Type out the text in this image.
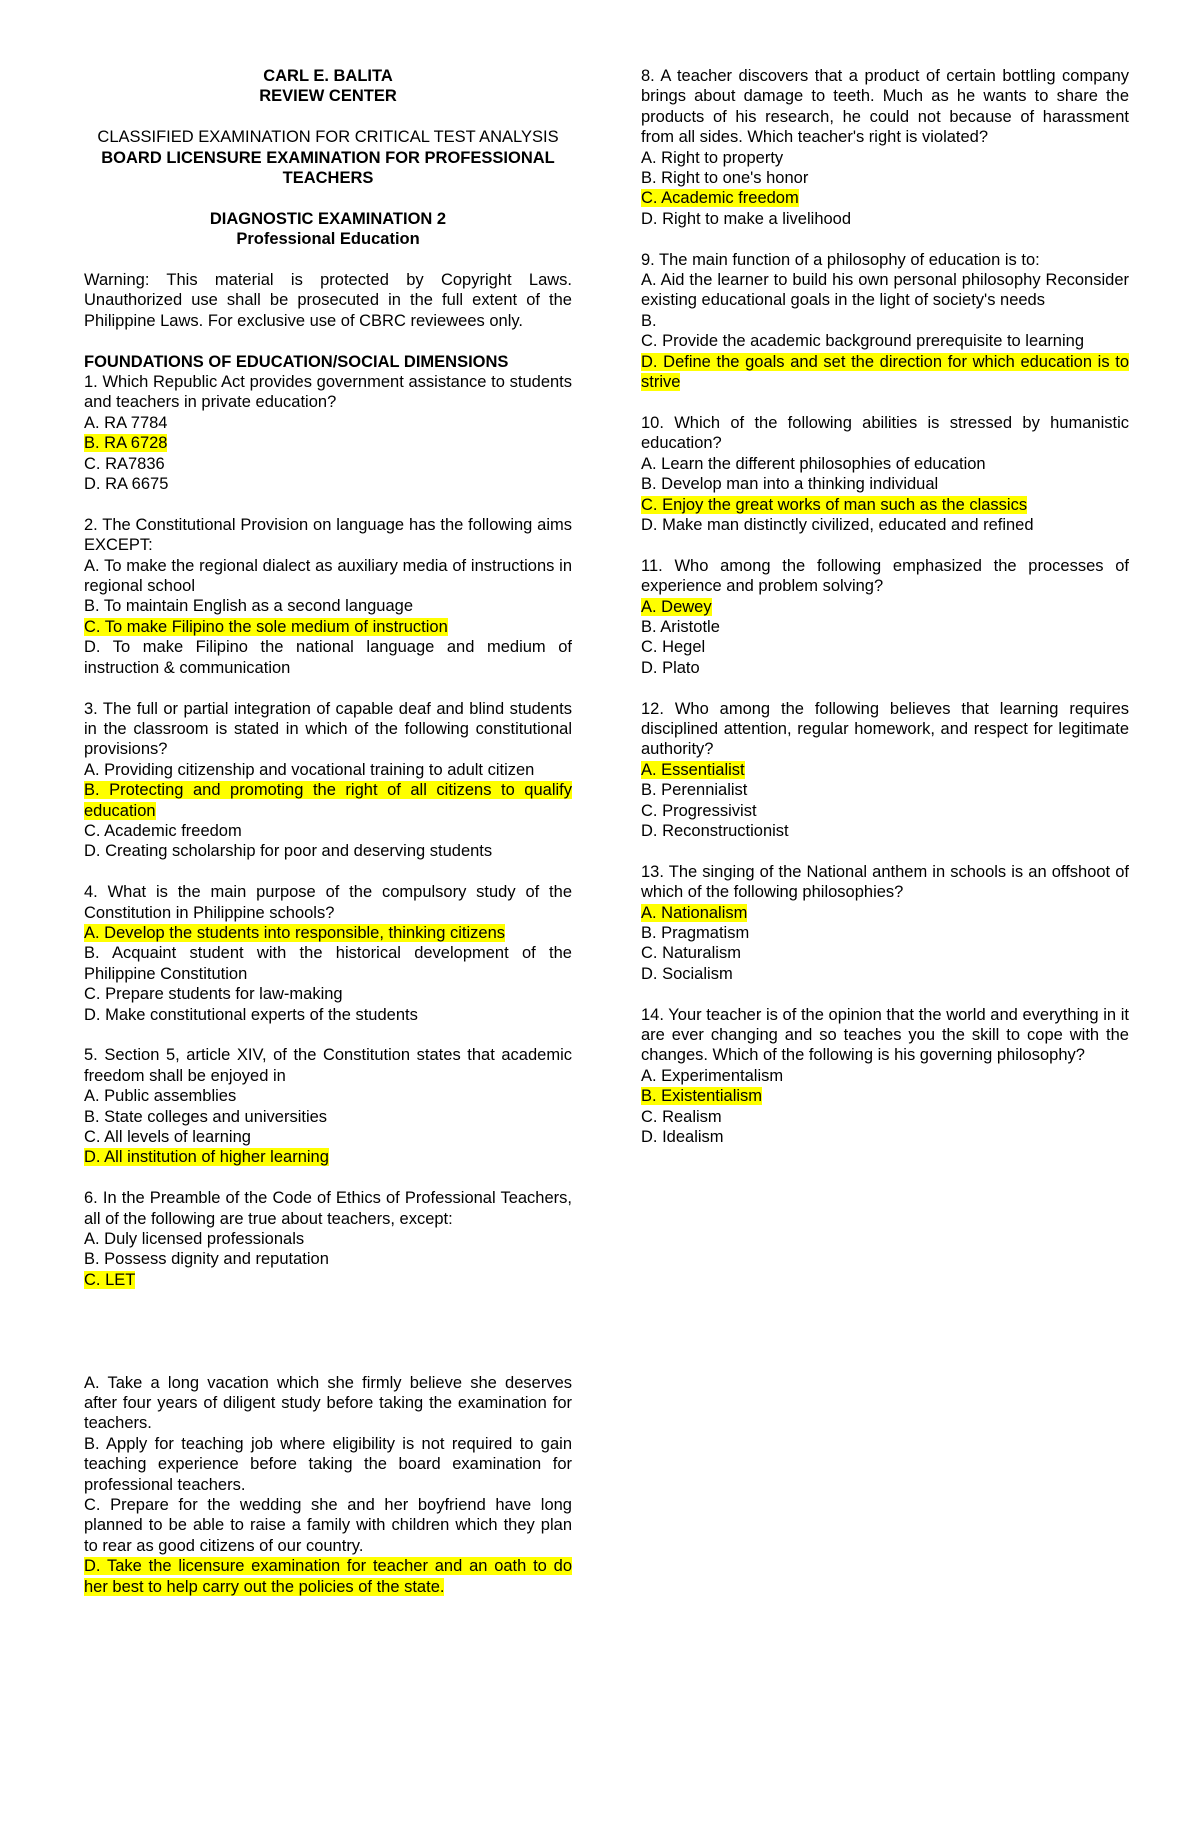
CARL E. BALITA
REVIEW CENTER
CLASSIFIED EXAMINATION FOR CRITICAL TEST ANALYSIS
BOARD LICENSURE EXAMINATION FOR PROFESSIONAL TEACHERS
DIAGNOSTIC EXAMINATION 2
Professional Education
Warning: This material is protected by Copyright Laws. Unauthorized use shall be prosecuted in the full extent of the Philippine Laws. For exclusive use of CBRC reviewees only.
FOUNDATIONS OF EDUCATION/SOCIAL DIMENSIONS

1. Which Republic Act provides government assistance to students and teachers in private education?

A. RA 7784

B. RA 6728

C. RA7836

D. RA 6675

2. The Constitutional Provision on language has the following aims EXCEPT:

A. To make the regional dialect as auxiliary media of instructions in regional school

B. To maintain English as a second language

C. To make Filipino the sole medium of instruction

D. To make Filipino the national language and medium of instruction & communication

3. The full or partial integration of capable deaf and blind students in the classroom is stated in which of the following constitutional provisions?

A. Providing citizenship and vocational training to adult citizen

B. Protecting and promoting the right of all citizens to qualify education

C. Academic freedom

D. Creating scholarship for poor and deserving students

4. What is the main purpose of the compulsory study of the Constitution in Philippine schools?

A. Develop the students into responsible, thinking citizens

B. Acquaint student with the historical development of the Philippine Constitution

C. Prepare students for law-making

D. Make constitutional experts of the students

5. Section 5, article XIV, of the Constitution states that academic freedom shall be enjoyed in

A. Public assemblies

B. State colleges and universities

C. All levels of learning

D. All institution of higher learning

6. In the Preamble of the Code of Ethics of Professional Teachers, all of the following are true about teachers, except:

A. Duly licensed professionals

B. Possess dignity and reputation

C. LET

A. Take a long vacation which she firmly believe she deserves after four years of diligent study before taking the examination for teachers.

B. Apply for teaching job where eligibility is not required to gain teaching experience before taking the board examination for professional teachers.

C. Prepare for the wedding she and her boyfriend have long planned to be able to raise a family with children which they plan to rear as good citizens of our country.

D. Take the licensure examination for teacher and an oath to do her best to help carry out the policies of the state.

8. A teacher discovers that a product of certain bottling company brings about damage to teeth. Much as he wants to share the products of his research, he could not because of harassment from all sides. Which teacher's right is violated?

A. Right to property

B. Right to one's honor

C. Academic freedom

D. Right to make a livelihood

9. The main function of a philosophy of education is to:

A. Aid the learner to build his own personal philosophy Reconsider existing educational goals in the light of society's needs

B.

C. Provide the academic background prerequisite to learning

D. Define the goals and set the direction for which education is to strive

10. Which of the following abilities is stressed by humanistic education?

A. Learn the different philosophies of education

B. Develop man into a thinking individual

C. Enjoy the great works of man such as the classics

D. Make man distinctly civilized, educated and refined

11. Who among the following emphasized the processes of experience and problem solving?

A. Dewey

B. Aristotle

C. Hegel

D. Plato

12. Who among the following believes that learning requires disciplined attention, regular homework, and respect for legitimate authority?

A. Essentialist

B. Perennialist

C. Progressivist

D. Reconstructionist

13. The singing of the National anthem in schools is an offshoot of which of the following philosophies?

A. Nationalism

B. Pragmatism

C. Naturalism

D. Socialism

14. Your teacher is of the opinion that the world and everything in it are ever changing and so teaches you the skill to cope with the changes. Which of the following is his governing philosophy?

A. Experimentalism

B. Existentialism

C. Realism

D. Idealism
